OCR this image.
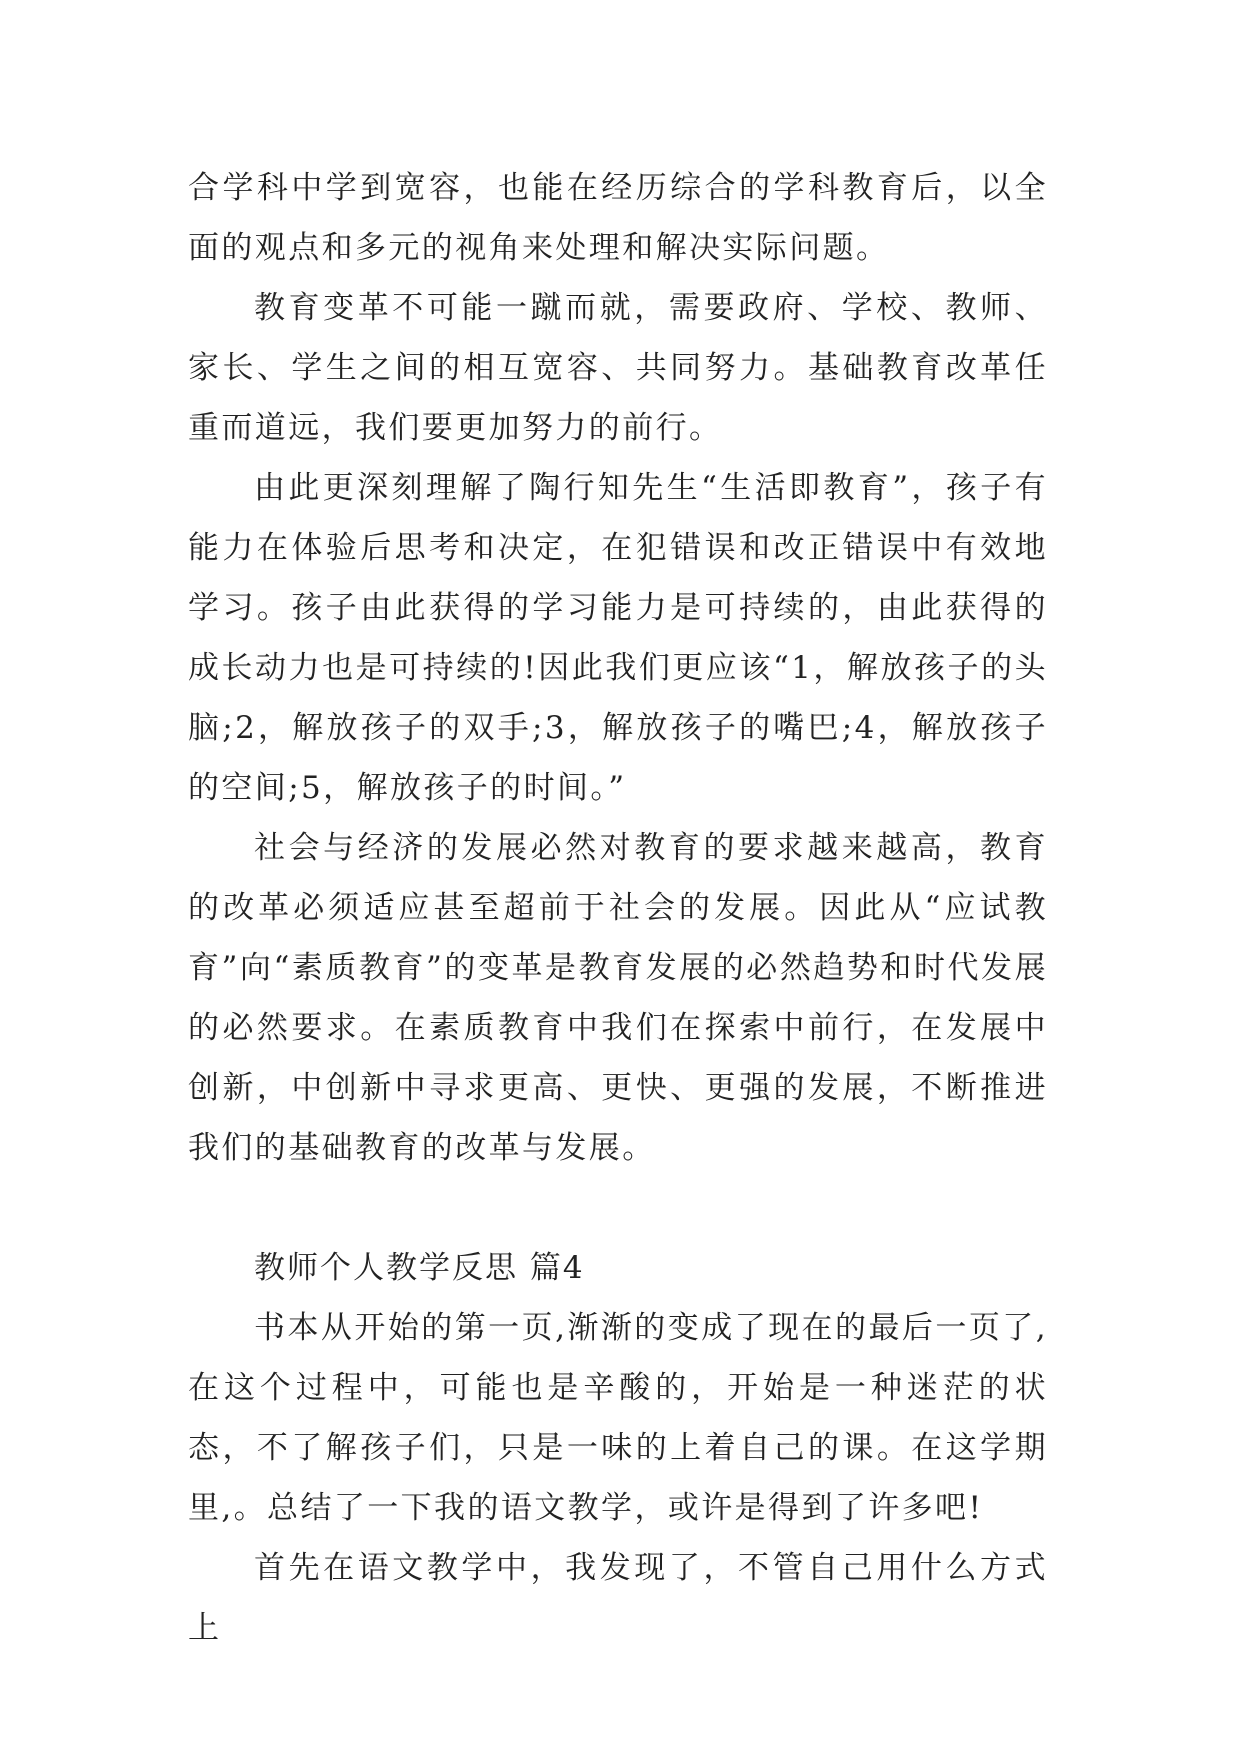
合学科中学到宽容，也能在经历综合的学科教育后，以全面的观点和多元的视角来处理和解决实际问题。

教育变革不可能一蹴而就，需要政府、学校、教师、家长、学生之间的相互宽容、共同努力。基础教育改革任重而道远，我们要更加努力的前行。

由此更深刻理解了陶行知先生“生活即教育”，孩子有能力在体验后思考和决定，在犯错误和改正错误中有效地学习。孩子由此获得的学习能力是可持续的，由此获得的成长动力也是可持续的!因此我们更应该“1，解放孩子的头脑;2，解放孩子的双手;3，解放孩子的嘴巴;4，解放孩子的空间;5，解放孩子的时间。”

社会与经济的发展必然对教育的要求越来越高，教育的改革必须适应甚至超前于社会的发展。因此从“应试教育”向“素质教育”的变革是教育发展的必然趋势和时代发展的必然要求。在素质教育中我们在探索中前行，在发展中创新，中创新中寻求更高、更快、更强的发展，不断推进我们的基础教育的改革与发展。

教师个人教学反思 篇4

书本从开始的第一页,渐渐的变成了现在的最后一页了,在这个过程中，可能也是辛酸的，开始是一种迷茫的状态，不了解孩子们，只是一味的上着自己的课。在这学期里,。总结了一下我的语文教学，或许是得到了许多吧!

首先在语文教学中，我发现了，不管自己用什么方式上
